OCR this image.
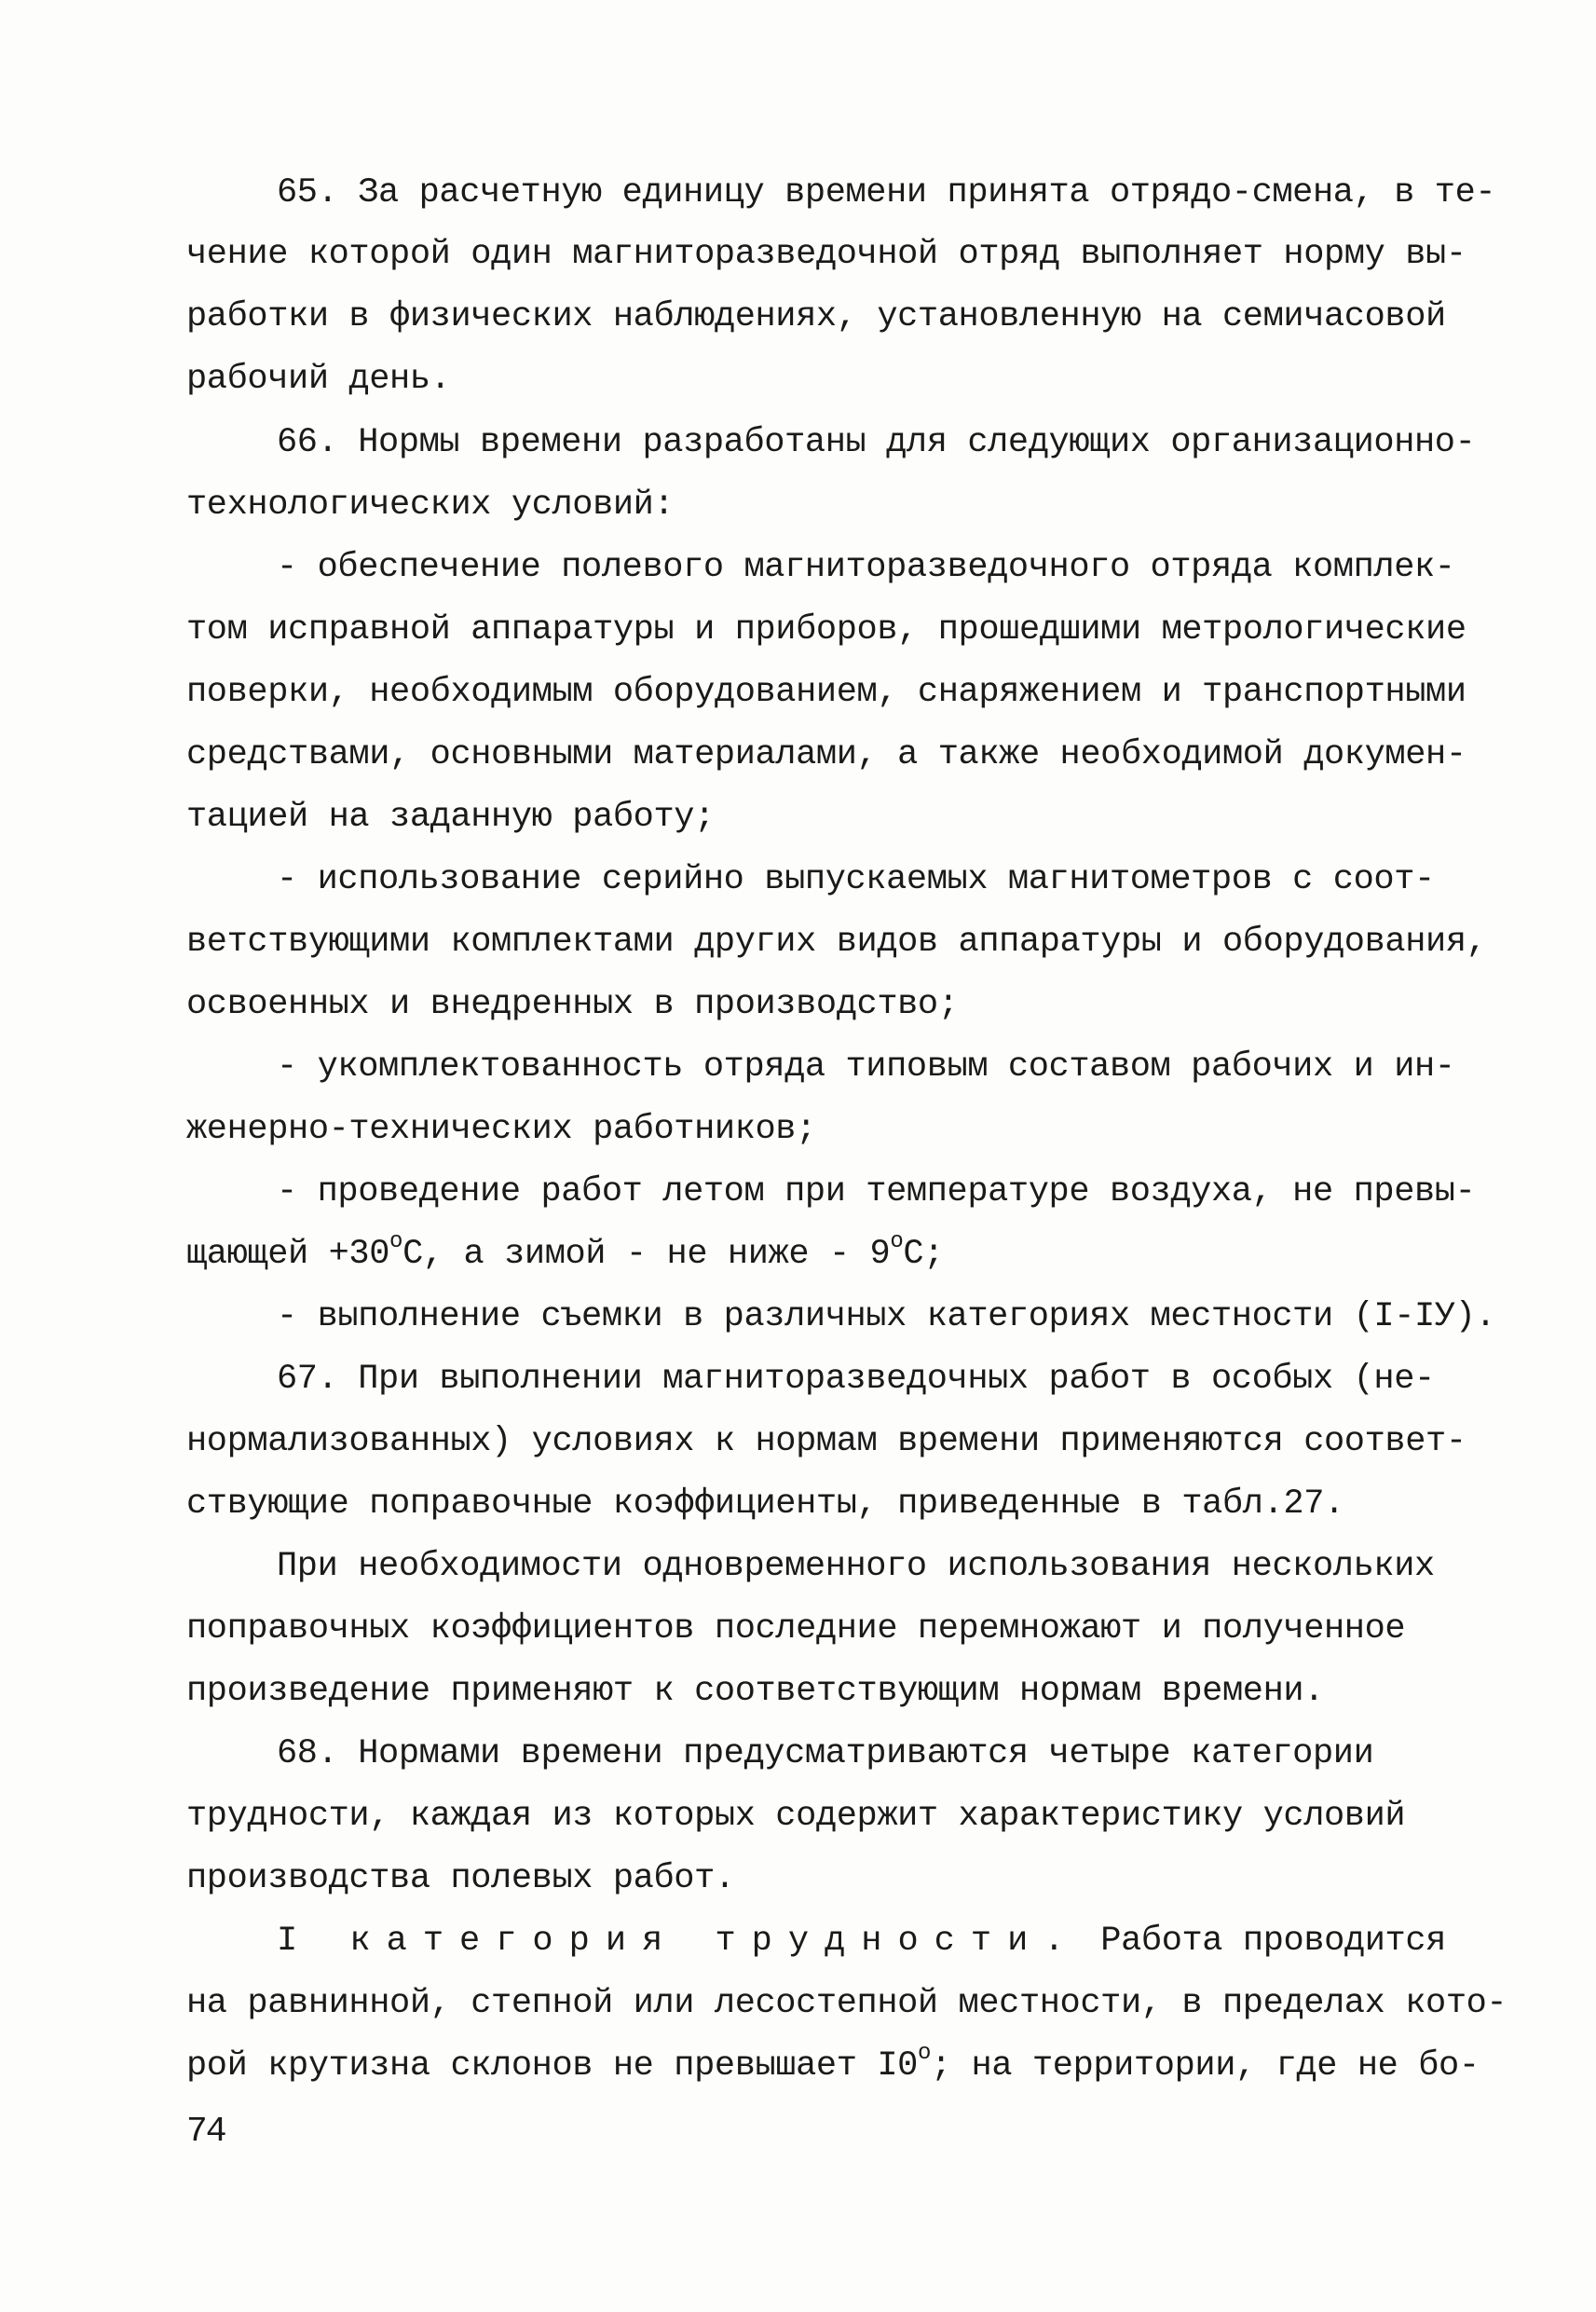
65. За расчетную единицу времени принята отрядо-смена, в те-
чение которой один магниторазведочной отряд выполняет норму вы-
работки в физических наблюдениях, установленную на семичасовой
рабочий день.
66. Нормы времени разработаны для следующих организационно-
технологических условий:
- обеспечение полевого магниторазведочного отряда комплек-
том исправной аппаратуры и приборов, прошедшими метрологические
поверки, необходимым оборудованием, снаряжением и транспортными
средствами, основными материалами, а также необходимой докумен-
тацией на заданную работу;
- использование серийно выпускаемых магнитометров с соот-
ветствующими комплектами других видов аппаратуры и оборудования,
освоенных и внедренных в производство;
- укомплектованность отряда типовым составом рабочих и ин-
женерно-технических работников;
- проведение работ летом при температуре воздуха, не превы-
щающей $+30^оС$, а зимой - не ниже - $9^оС$;
- выполнение съемки в различных категориях местности (I-IУ).
67. При выполнении магниторазведочных работ в особых (не-
нормализованных) условиях к нормам времени применяются соответ-
ствующие поправочные коэффициенты, приведенные в табл.27.
При необходимости одновременного использования нескольких
поправочных коэффициентов последние перемножают и полученное
произведение применяют к соответствующим нормам времени.
68. Нормами времени предусматриваются четыре категории
трудности, каждая из которых содержит характеристику условий
производства полевых работ.
I категория трудности. Работа проводится
на равнинной, степной или лесостепной местности, в пределах кото-
рой крутизна склонов не превышает $I0^о$; на территории, где не бо-
74
